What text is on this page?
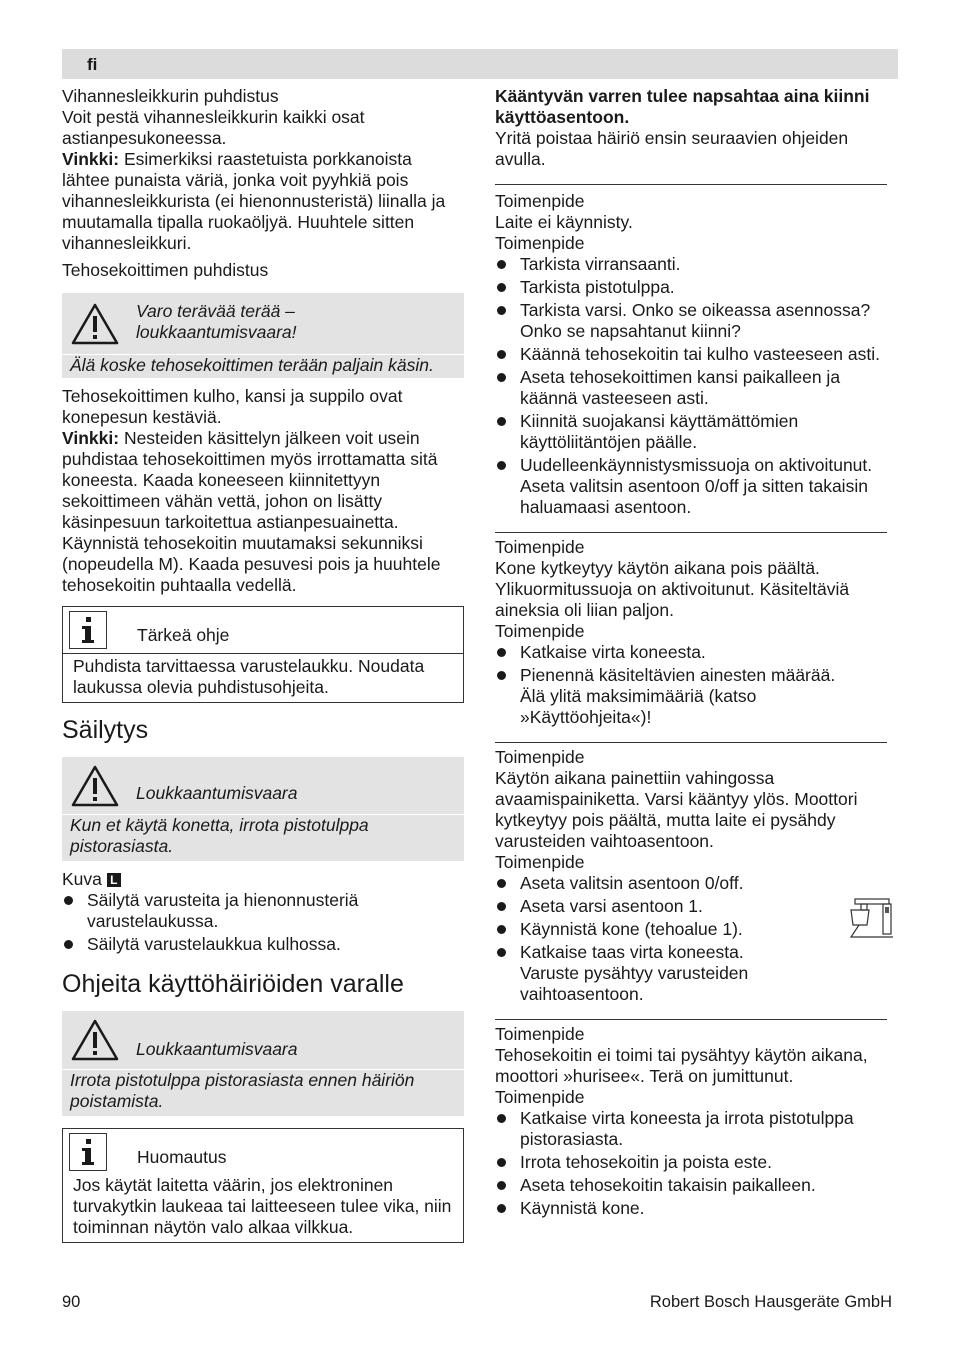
fi

Vihannesleikkurin puhdistus

Voit pestä vihannesleikkurin kaikki osat astianpesukoneessa.

Vinkki: Esimerkiksi raastetuista porkkanoista lähtee punaista väriä, jonka voit pyyhkiä pois vihannesleikkurista (ei hienonnusteristä) liinalla ja muutamalla tipalla ruokaöljyä. Huuhtele sitten vihannesleikkuri.

Tehosekoittimen puhdistus

Varo terävää terää – loukkaantumisvaara!
Älä koske tehosekoittimen terään paljain käsin.

Tehosekoittimen kulho, kansi ja suppilo ovat konepesun kestäviä.

Vinkki: Nesteiden käsittelyn jälkeen voit usein puhdistaa tehosekoittimen myös irrottamatta sitä koneesta. Kaada koneeseen kiinnitettyyn sekoittimeen vähän vettä, johon on lisätty käsinpesuun tarkoitettua astianpesuainetta. Käynnistä tehosekoitin muutamaksi sekunniksi (nopeudella M). Kaada pesuvesi pois ja huuhtele tehosekoitin puhtaalla vedellä.

Tärkeä ohje
Puhdista tarvittaessa varustelaukku. Noudata laukussa olevia puhdistusohjeita.
Säilytys
Loukkaantumisvaara
Kun et käytä konetta, irrota pistotulppa pistorasiasta.

Kuva L

Säilytä varusteita ja hienonnusteriä varustelaukussa.
Säilytä varustelaukkua kulhossa.
Ohjeita käyttöhäiriöiden varalle
Loukkaantumisvaara
Irrota pistotulppa pistorasiasta ennen häiriön poistamista.
Huomautus
Jos käytät laitetta väärin, jos elektroninen turvakytkin laukeaa tai laitteeseen tulee vika, niin toiminnan näytön valo alkaa vilkkua.

Kääntyvän varren tulee napsahtaa aina kiinni käyttöasentoon.

Yritä poistaa häiriö ensin seuraavien ohjeiden avulla.

Toimenpide

Laite ei käynnisty.

Toimenpide

Tarkista virransaanti.
Tarkista pistotulppa.
Tarkista varsi. Onko se oikeassa asennossa? Onko se napsahtanut kiinni?
Käännä tehosekoitin tai kulho vasteeseen asti.
Aseta tehosekoittimen kansi paikalleen ja käännä vasteeseen asti.
Kiinnitä suojakansi käyttämättömien käyttöliitäntöjen päälle.
Uudelleenkäynnistysmissuoja on aktivoitunut. Aseta valitsin asentoon 0/off ja sitten takaisin haluamaasi asentoon.

Toimenpide

Kone kytkeytyy käytön aikana pois päältä. Ylikuormitussuoja on aktivoitunut. Käsiteltäviä aineksia oli liian paljon.

Toimenpide

Katkaise virta koneesta.
Pienennä käsiteltävien ainesten määrää. Älä ylitä maksimimääriä (katso »Käyttöohjeita«)!

Toimenpide

Käytön aikana painettiin vahingossa avaamispainiketta. Varsi kääntyy ylös. Moottori kytkeytyy pois päältä, mutta laite ei pysähdy varusteiden vaihtoasentoon.

Toimenpide

Aseta valitsin asentoon 0/off.
Aseta varsi asentoon 1.
Käynnistä kone (tehoalue 1).
Katkaise taas virta koneesta. Varuste pysähtyy varusteiden vaihtoasentoon.

Toimenpide

Tehosekoitin ei toimi tai pysähtyy käytön aikana, moottori »hurisee«. Terä on jumittunut.

Toimenpide

Katkaise virta koneesta ja irrota pistotulppa pistorasiasta.
Irrota tehosekoitin ja poista este.
Aseta tehosekoitin takaisin paikalleen.
Käynnistä kone.
90	Robert Bosch Hausgeräte GmbH
